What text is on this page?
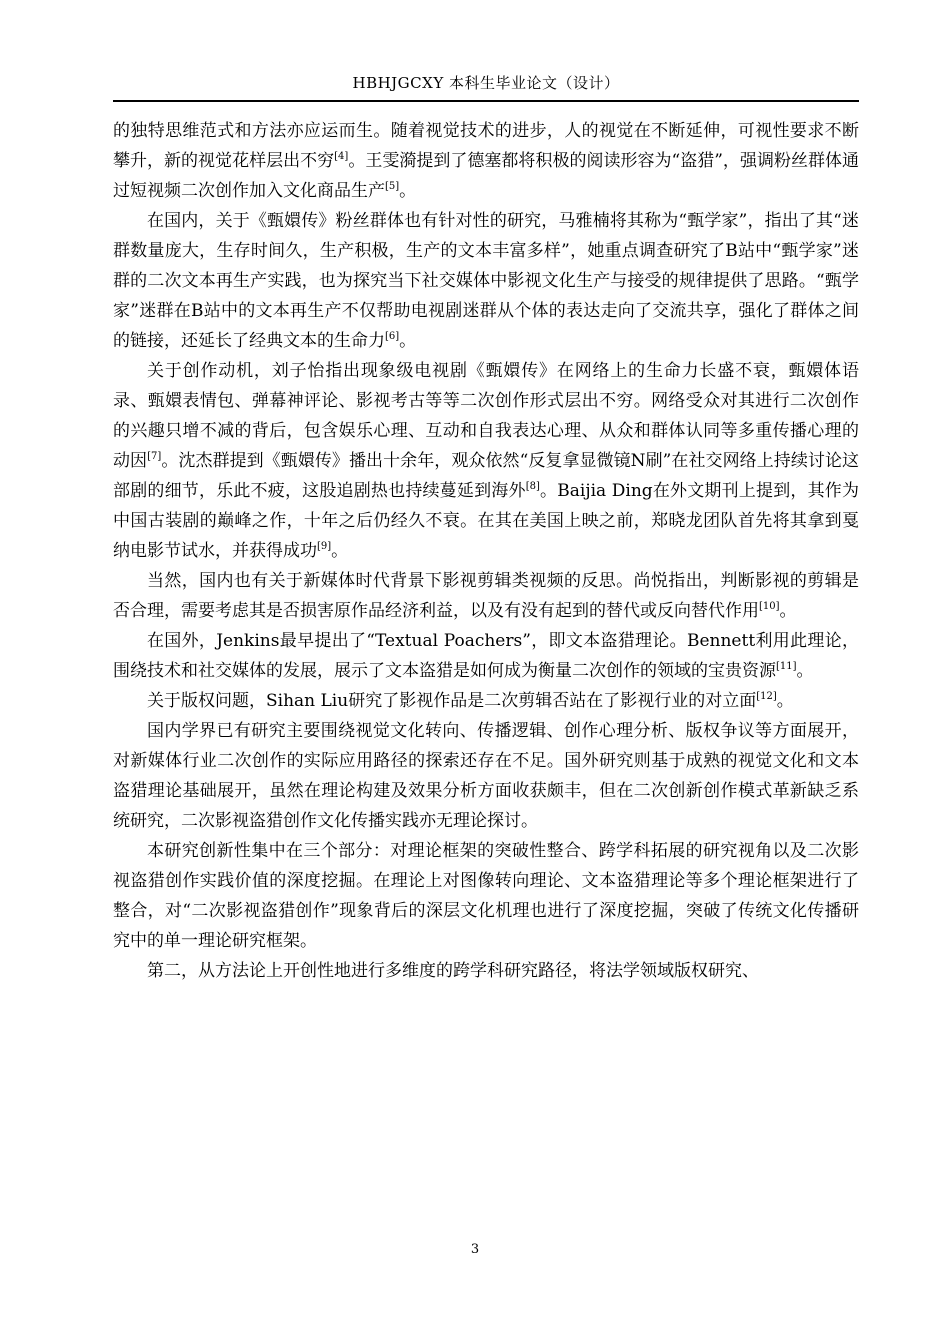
HBHJGCXY 本科生毕业论文（设计）

的独特思维范式和方法亦应运而生。随着视觉技术的进步，人的视觉在不断延伸，可视性要求不断攀升，新的视觉花样层出不穷[4]。王雯漪提到了德塞都将积极的阅读形容为“盗猎”，强调粉丝群体通过短视频二次创作加入文化商品生产[5]。

在国内，关于《甄嬛传》粉丝群体也有针对性的研究，马雅楠将其称为“甄学家”，指出了其“迷群数量庞大，生存时间久，生产积极，生产的文本丰富多样”，她重点调查研究了B站中“甄学家”迷群的二次文本再生产实践，也为探究当下社交媒体中影视文化生产与接受的规律提供了思路。“甄学家”迷群在B站中的文本再生产不仅帮助电视剧迷群从个体的表达走向了交流共享，强化了群体之间的链接，还延长了经典文本的生命力[6]。

关于创作动机，刘子怡指出现象级电视剧《甄嬛传》在网络上的生命力长盛不衰，甄嬛体语录、甄嬛表情包、弹幕神评论、影视考古等等二次创作形式层出不穷。网络受众对其进行二次创作的兴趣只增不减的背后，包含娱乐心理、互动和自我表达心理、从众和群体认同等多重传播心理的动因[7]。沈杰群提到《甄嬛传》播出十余年，观众依然“反复拿显微镜N刷”在社交网络上持续讨论这部剧的细节，乐此不疲，这股追剧热也持续蔓延到海外[8]。Baijia Ding在外文期刊上提到，其作为中国古装剧的巅峰之作，十年之后仍经久不衰。在其在美国上映之前，郑晓龙团队首先将其拿到戛纳电影节试水，并获得成功[9]。

当然，国内也有关于新媒体时代背景下影视剪辑类视频的反思。尚悦指出，判断影视的剪辑是否合理，需要考虑其是否损害原作品经济利益，以及有没有起到的替代或反向替代作用[10]。

在国外，Jenkins最早提出了“Textual Poachers”，即文本盗猎理论。Bennett利用此理论，围绕技术和社交媒体的发展，展示了文本盗猎是如何成为衡量二次创作的领域的宝贵资源[11]。

关于版权问题，Sihan Liu研究了影视作品是二次剪辑否站在了影视行业的对立面[12]。

国内学界已有研究主要围绕视觉文化转向、传播逻辑、创作心理分析、版权争议等方面展开，对新媒体行业二次创作的实际应用路径的探索还存在不足。国外研究则基于成熟的视觉文化和文本盗猎理论基础展开，虽然在理论构建及效果分析方面收获颇丰，但在二次创新创作模式革新缺乏系统研究，二次影视盗猎创作文化传播实践亦无理论探讨。

本研究创新性集中在三个部分：对理论框架的突破性整合、跨学科拓展的研究视角以及二次影视盗猎创作实践价值的深度挖掘。在理论上对图像转向理论、文本盗猎理论等多个理论框架进行了整合，对“二次影视盗猎创作”现象背后的深层文化机理也进行了深度挖掘，突破了传统文化传播研究中的单一理论研究框架。

第二，从方法论上开创性地进行多维度的跨学科研究路径，将法学领域版权研究、

3
